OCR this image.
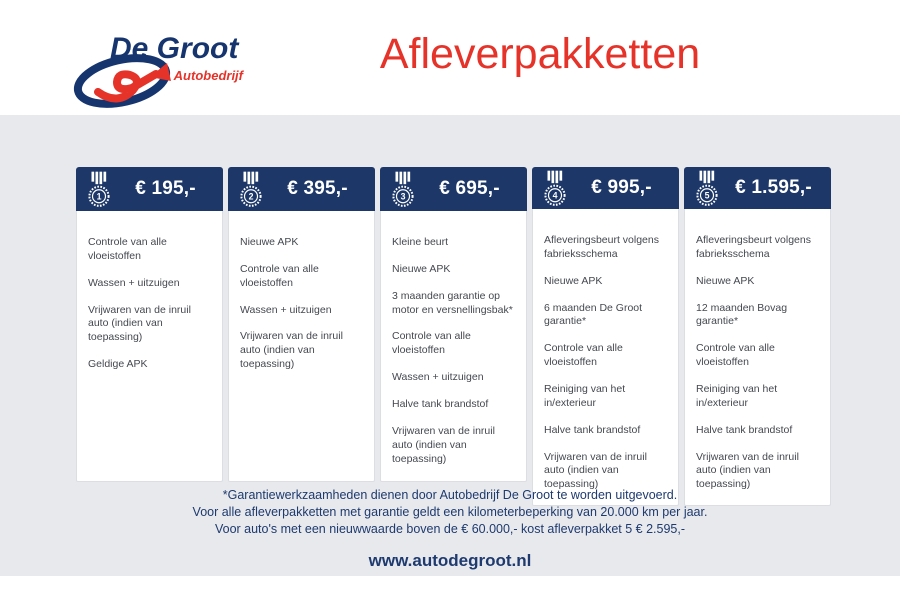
De Groot
Autobedrijf	Afleverpakketten
1	€ 195,-
Controle van alle vloeistoffen
Wassen + uitzuigen
Vrijwaren van de inruil auto (indien van toepassing)
Geldige APK
2	€ 395,-
Nieuwe APK
Controle van alle vloeistoffen
Wassen + uitzuigen
Vrijwaren van de inruil auto (indien van toepassing)
3	€ 695,-
Kleine beurt
Nieuwe APK
3 maanden garantie op motor en versnellingsbak*
Controle van alle vloeistoffen
Wassen + uitzuigen
Halve tank brandstof
Vrijwaren van de inruil auto (indien van toepassing)
4	€ 995,-
Afleveringsbeurt volgens fabrieksschema
Nieuwe APK
6 maanden De Groot garantie*
Controle van alle vloeistoffen
Reiniging van het in/exterieur
Halve tank brandstof
Vrijwaren van de inruil auto (indien van toepassing)
5	€ 1.595,-
Afleveringsbeurt volgens fabrieksschema
Nieuwe APK
12 maanden Bovag garantie*
Controle van alle vloeistoffen
Reiniging van het in/exterieur
Halve tank brandstof
Vrijwaren van de inruil auto (indien van toepassing)
*Garantiewerkzaamheden dienen door Autobedrijf De Groot te worden uitgevoerd.
Voor alle afleverpakketten met garantie geldt een kilometerbeperking van 20.000 km per jaar.
Voor auto's met een nieuwwaarde boven de € 60.000,- kost afleverpakket 5 € 2.595,-
www.autodegroot.nl
